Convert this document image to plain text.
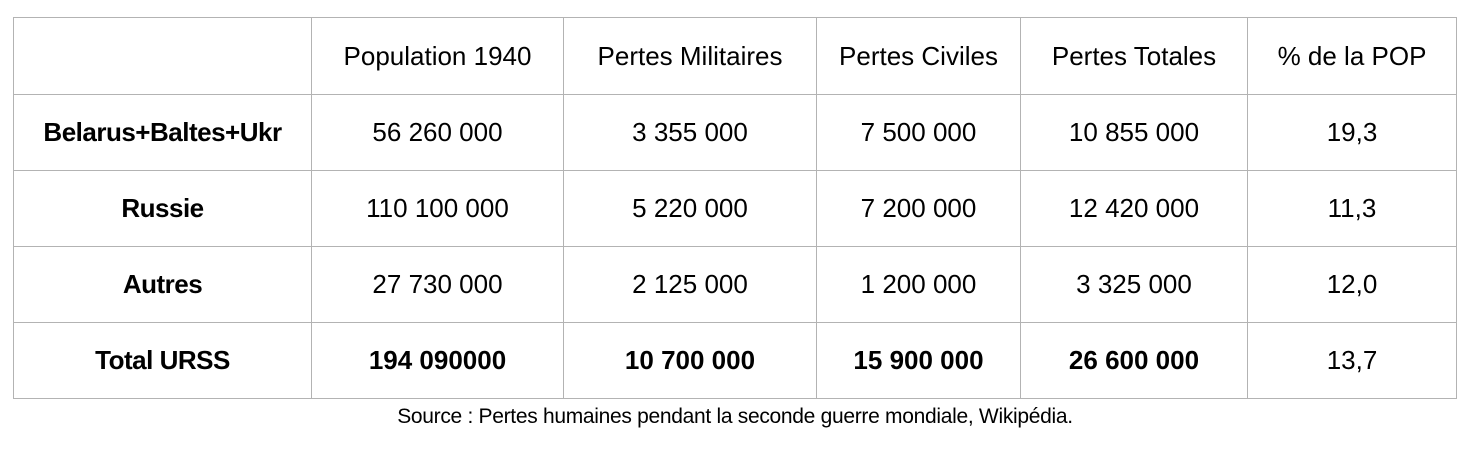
	Population 1940	Pertes Militaires	Pertes Civiles	Pertes Totales	% de la POP
Belarus+Baltes+Ukr	56 260 000	3 355 000	7 500 000	10 855 000	19,3
Russie	110 100 000	5 220 000	7 200 000	12 420 000	11,3
Autres	27 730 000	2 125 000	1 200 000	3 325 000	12,0
Total URSS	194 090000	10 700 000	15 900 000	26 600 000	13,7
Source : Pertes humaines pendant la seconde guerre mondiale, Wikipédia.
